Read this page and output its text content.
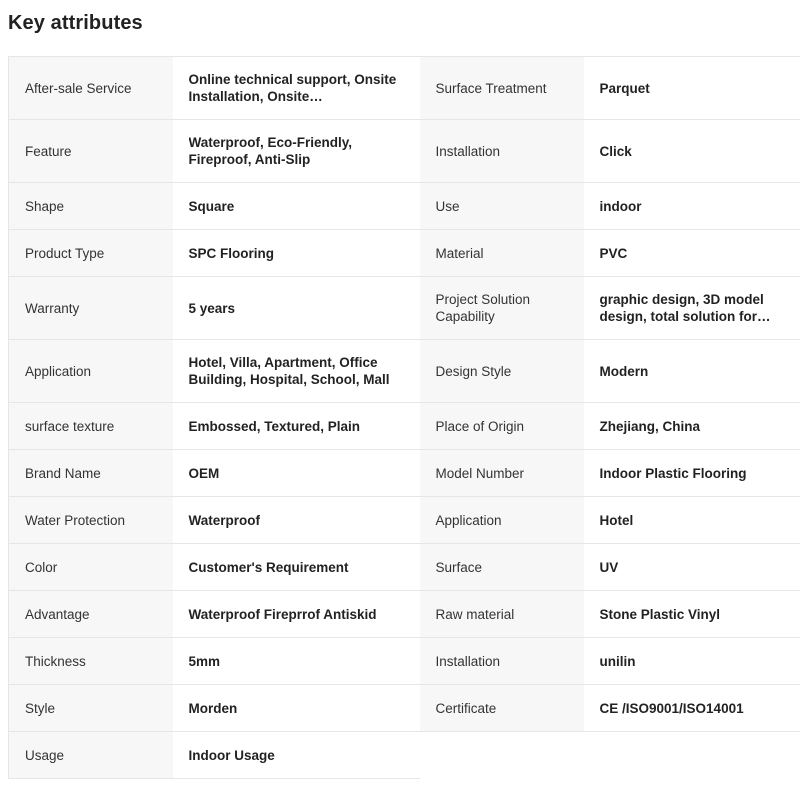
Key attributes
After-sale Service	Online technical support, Onsite Installation, Onsite…	Surface Treatment	Parquet
Feature	Waterproof, Eco-Friendly, Fireproof, Anti-Slip	Installation	Click
Shape	Square	Use	indoor
Product Type	SPC Flooring	Material	PVC
Warranty	5 years	Project Solution Capability	graphic design, 3D model design, total solution for…

Application	Hotel, Villa, Apartment, Office Building, Hospital, School, Mall	Design Style	Modern
surface texture	Embossed, Textured, Plain	Place of Origin	Zhejiang, China
Brand Name	OEM	Model Number	Indoor Plastic Flooring
Water Protection	Waterproof	Application	Hotel
Color	Customer's Requirement	Surface	UV
Advantage	Waterproof Fireprrof Antiskid	Raw material	Stone Plastic Vinyl
Thickness	5mm	Installation	unilin
Style	Morden	Certificate	CE /ISO9001/ISO14001
Usage	Indoor Usage		
